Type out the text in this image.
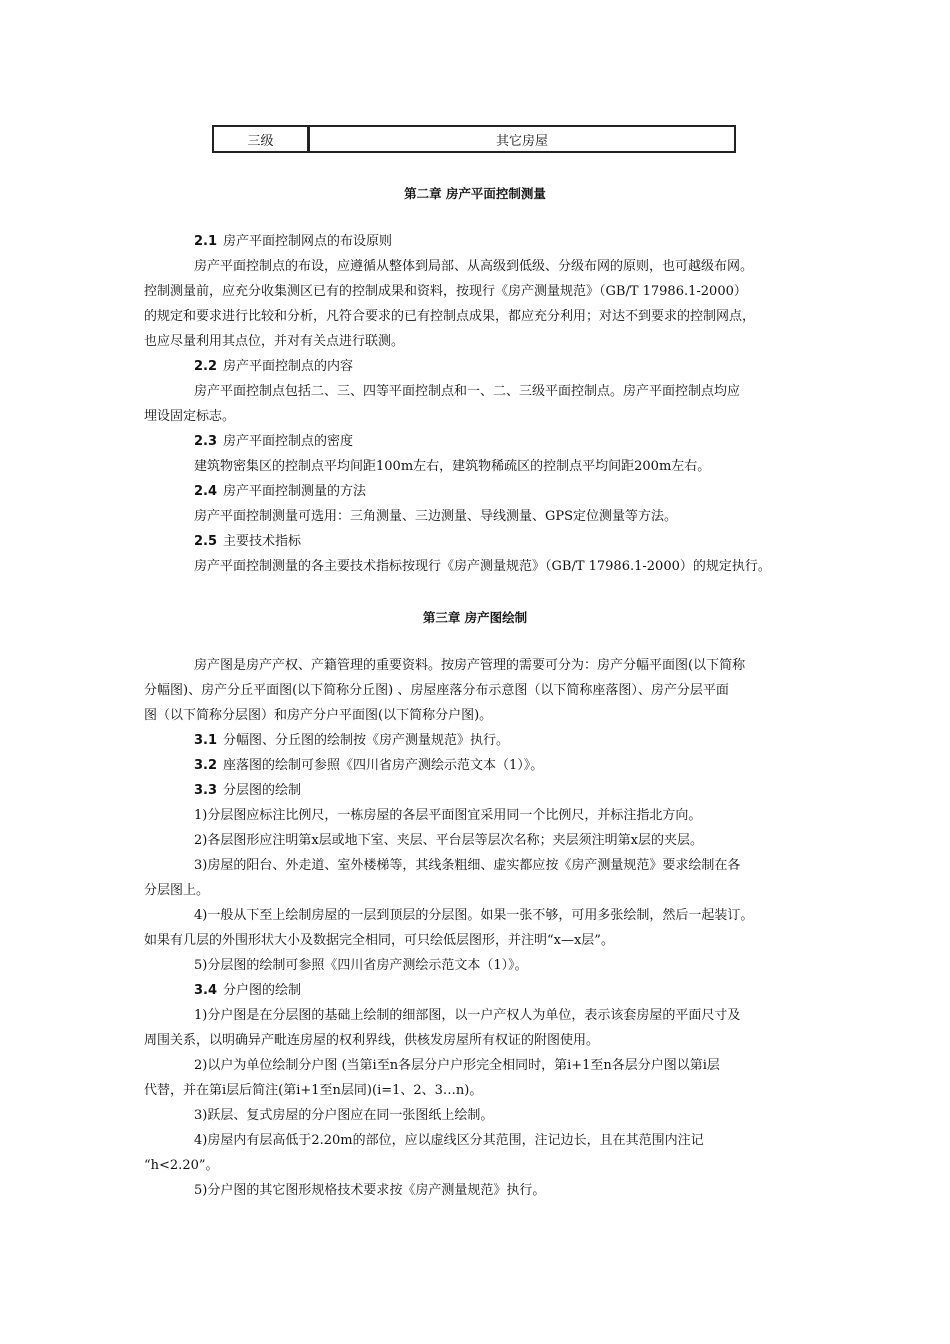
三级	其它房屋
第二章 房产平面控制测量
2.1 房产平面控制网点的布设原则
房产平面控制点的布设，应遵循从整体到局部、从高级到低级、分级布网的原则，也可越级布网。
控制测量前，应充分收集测区已有的控制成果和资料，按现行《房产测量规范》（GB/T 17986.1-2000）
的规定和要求进行比较和分析，凡符合要求的已有控制点成果，都应充分利用；对达不到要求的控制网点，
也应尽量利用其点位，并对有关点进行联测。
2.2 房产平面控制点的内容
房产平面控制点包括二、三、四等平面控制点和一、二、三级平面控制点。房产平面控制点均应
埋设固定标志。
2.3 房产平面控制点的密度
建筑物密集区的控制点平均间距100m左右，建筑物稀疏区的控制点平均间距200m左右。
2.4 房产平面控制测量的方法
房产平面控制测量可选用：三角测量、三边测量、导线测量、GPS定位测量等方法。
2.5 主要技术指标
房产平面控制测量的各主要技术指标按现行《房产测量规范》（GB/T 17986.1-2000）的规定执行。
第三章 房产图绘制
房产图是房产产权、产籍管理的重要资料。按房产管理的需要可分为：房产分幅平面图(以下简称
分幅图)、房产分丘平面图(以下简称分丘图) 、房屋座落分布示意图（以下简称座落图）、房产分层平面
图（以下简称分层图）和房产分户平面图(以下简称分户图)。
3.1 分幅图、分丘图的绘制按《房产测量规范》执行。
3.2 座落图的绘制可参照《四川省房产测绘示范文本（1）》。
3.3 分层图的绘制
1)分层图应标注比例尺，一栋房屋的各层平面图宜采用同一个比例尺，并标注指北方向。
2)各层图形应注明第x层或地下室、夹层、平台层等层次名称；夹层须注明第x层的夹层。
3)房屋的阳台、外走道、室外楼梯等，其线条粗细、虚实都应按《房产测量规范》要求绘制在各
分层图上。
4)一般从下至上绘制房屋的一层到顶层的分层图。如果一张不够，可用多张绘制，然后一起装订。
如果有几层的外围形状大小及数据完全相同，可只绘低层图形，并注明“x—x层”。
5)分层图的绘制可参照《四川省房产测绘示范文本（1）》。
3.4 分户图的绘制
1)分户图是在分层图的基础上绘制的细部图，以一户产权人为单位，表示该套房屋的平面尺寸及
周围关系，以明确异产毗连房屋的权利界线，供核发房屋所有权证的附图使用。
2)以户为单位绘制分户图 (当第i至n各层分户户形完全相同时，第i+1至n各层分户图以第i层
代替，并在第i层后简注(第i+1至n层同)(i=1、2、3…n)。
3)跃层、复式房屋的分户图应在同一张图纸上绘制。
4)房屋内有层高低于2.20m的部位，应以虚线区分其范围，注记边长，且在其范围内注记
“h<2.20”。
5)分户图的其它图形规格技术要求按《房产测量规范》执行。
